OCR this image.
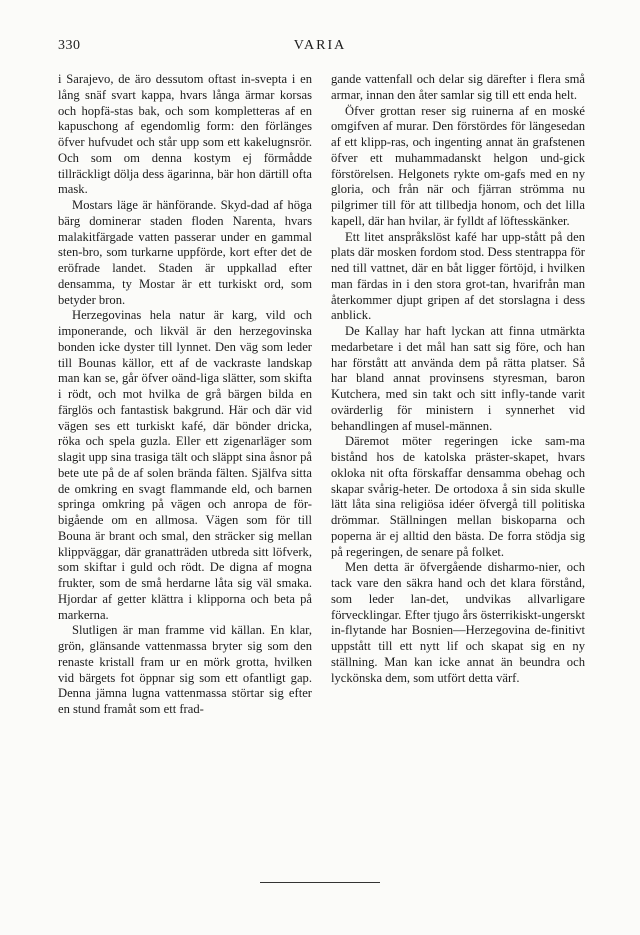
330	VARIA

i Sarajevo, de äro dessutom oftast in-svepta i en lång snäf svart kappa, hvars långa ärmar korsas och hopfä-stas bak, och som kompletteras af en kapuschong af egendomlig form: den förlänges öfver hufvudet och står upp som ett kakelugnsrör. Och som om denna kostym ej förmådde tillräckligt dölja dess ägarinna, bär hon därtill ofta mask.

Mostars läge är hänförande. Skyd-dad af höga bärg dominerar staden floden Narenta, hvars malakitfärgade vatten passerar under en gammal sten-bro, som turkarne uppförde, kort efter det de eröfrade landet. Staden är uppkallad efter densamma, ty Mostar är ett turkiskt ord, som betyder bron.

Herzegovinas hela natur är karg, vild och imponerande, och likväl är den herzegovinska bonden icke dyster till lynnet. Den väg som leder till Bounas källor, ett af de vackraste landskap man kan se, går öfver oänd-liga slätter, som skifta i rödt, och mot hvilka de grå bärgen bilda en färglös och fantastisk bakgrund. Här och där vid vägen ses ett turkiskt kafé, där bönder dricka, röka och spela guzla. Eller ett zigenarläger som slagit upp sina trasiga tält och släppt sina åsnor på bete ute på de af solen brända fälten. Själfva sitta de omkring en svagt flammande eld, och barnen springa omkring på vägen och anropa de för-bigående om en allmosa. Vägen som för till Bouna är brant och smal, den sträcker sig mellan klippväggar, där granatträden utbreda sitt löfverk, som skiftar i guld och rödt. De digna af mogna frukter, som de små herdarne låta sig väl smaka. Hjordar af getter klättra i klipporna och beta på markerna.

Slutligen är man framme vid källan. En klar, grön, glänsande vattenmassa bryter sig som den renaste kristall fram ur en mörk grotta, hvilken vid bärgets fot öppnar sig som ett ofantligt gap. Denna jämna lugna vattenmassa störtar sig efter en stund framåt som ett frad-

gande vattenfall och delar sig därefter i flera små armar, innan den åter samlar sig till ett enda helt.

Öfver grottan reser sig ruinerna af en moské omgifven af murar. Den förstördes för längesedan af ett klipp-ras, och ingenting annat än grafstenen öfver ett muhammadanskt helgon und-gick förstörelsen. Helgonets rykte om-gafs med en ny gloria, och från när och fjärran strömma nu pilgrimer till för att tillbedja honom, och det lilla kapell, där han hvilar, är fylldt af löftesskänker.

Ett litet anspråkslöst kafé har upp-stått på den plats där mosken fordom stod. Dess stentrappa för ned till vattnet, där en båt ligger förtöjd, i hvilken man färdas in i den stora grot-tan, hvarifrån man återkommer djupt gripen af det storslagna i dess anblick.

De Kallay har haft lyckan att finna utmärkta medarbetare i det mål han satt sig före, och han har förstått att använda dem på rätta platser. Så har bland annat provinsens styresman, baron Kutchera, med sin takt och sitt infly-tande varit ovärderlig för ministern i synnerhet vid behandlingen af musel-männen.

Däremot möter regeringen icke sam-ma bistånd hos de katolska präster-skapet, hvars okloka nit ofta förskaffar densamma obehag och skapar svårig-heter. De ortodoxa å sin sida skulle lätt låta sina religiösa idéer öfvergå till politiska drömmar. Ställningen mellan biskoparna och poperna är ej alltid den bästa. De forra stödja sig på regeringen, de senare på folket.

Men detta är öfvergående disharmo-nier, och tack vare den säkra hand och det klara förstånd, som leder lan-det, undvikas allvarligare förvecklingar. Efter tjugo års österrikiskt-ungerskt in-flytande har Bosnien—Herzegovina de-finitivt uppstått till ett nytt lif och skapat sig en ny ställning. Man kan icke annat än beundra och lyckönska dem, som utfört detta värf.
